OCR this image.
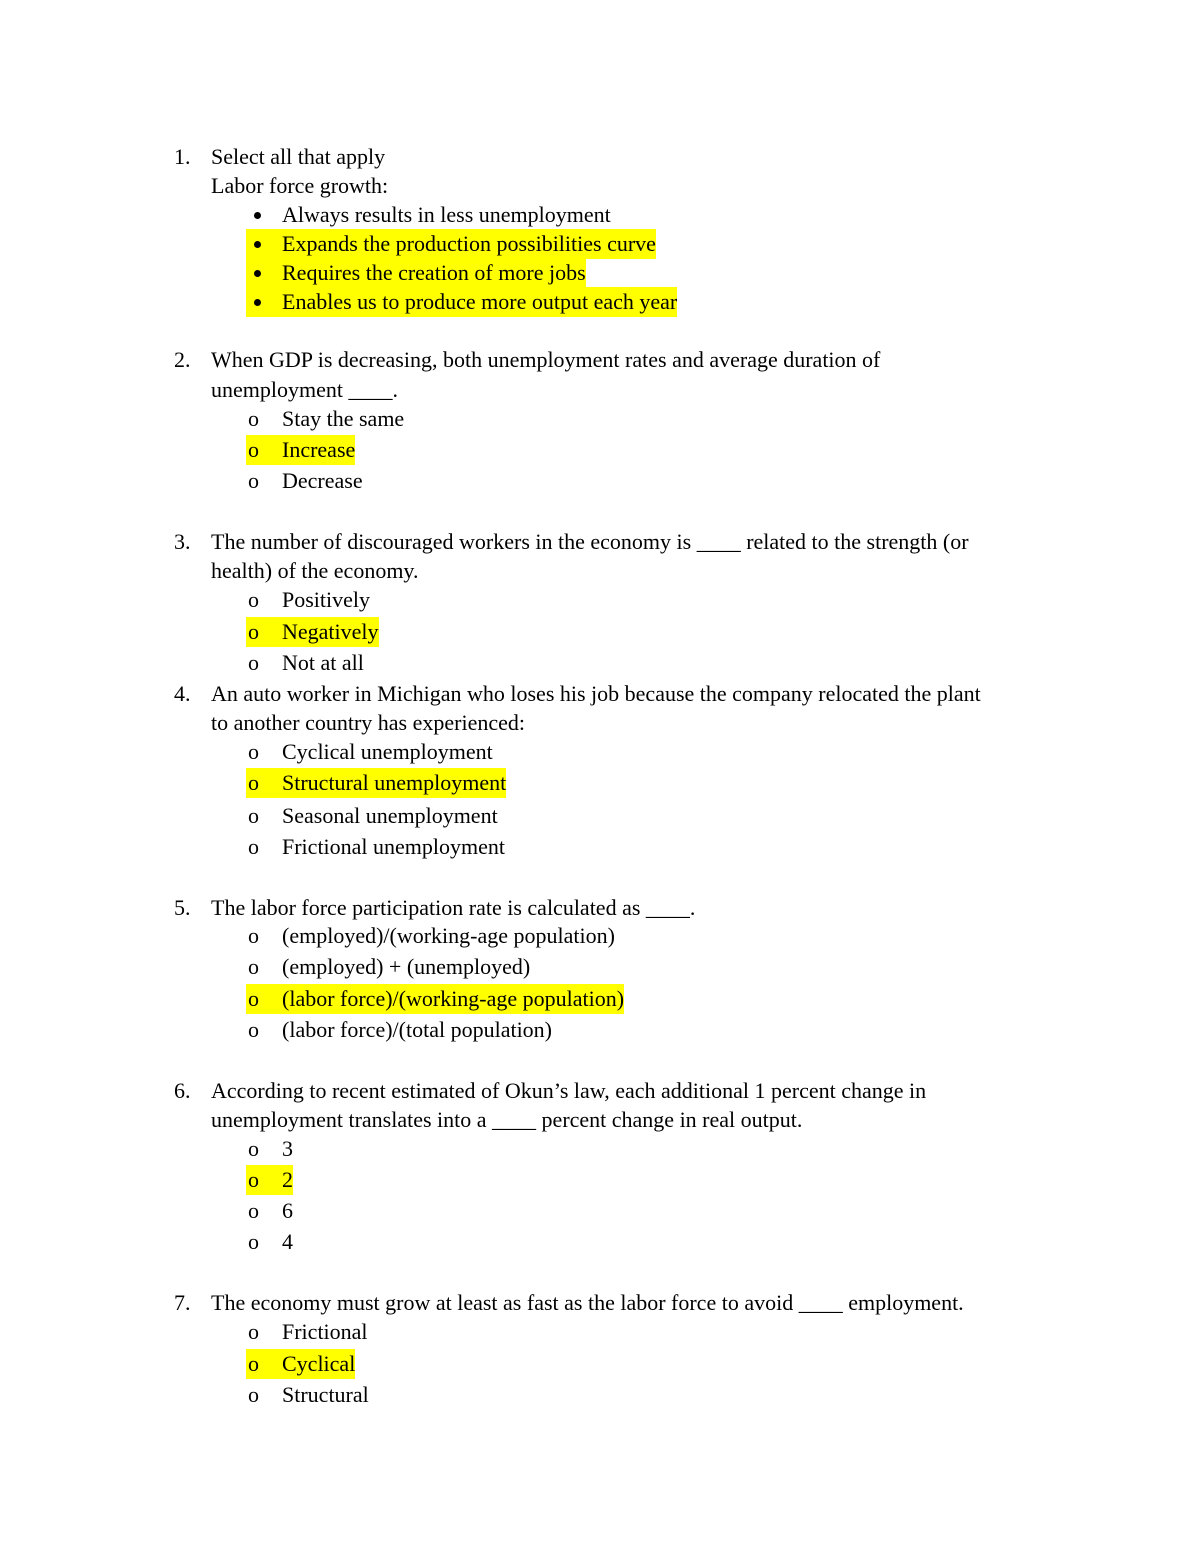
1. Select all that apply
Labor force growth:
Always results in less unemployment
Expands the production possibilities curve
Requires the creation of more jobs
Enables us to produce more output each year
2. When GDP is decreasing, both unemployment rates and average duration of
unemployment ____.
o Stay the same
o Increase
o Decrease
3. The number of discouraged workers in the economy is ____ related to the strength (or
health) of the economy.
o Positively
o Negatively
o Not at all
4. An auto worker in Michigan who loses his job because the company relocated the plant
to another country has experienced:
o Cyclical unemployment
o Structural unemployment
o Seasonal unemployment
o Frictional unemployment
5. The labor force participation rate is calculated as ____.
o (employed)/(working-age population)
o (employed) + (unemployed)
o (labor force)/(working-age population)
o (labor force)/(total population)
6. According to recent estimated of Okun’s law, each additional 1 percent change in
unemployment translates into a ____ percent change in real output.
o 3
o 2
o 6
o 4
7. The economy must grow at least as fast as the labor force to avoid ____ employment.
o Frictional
o Cyclical
o Structural
